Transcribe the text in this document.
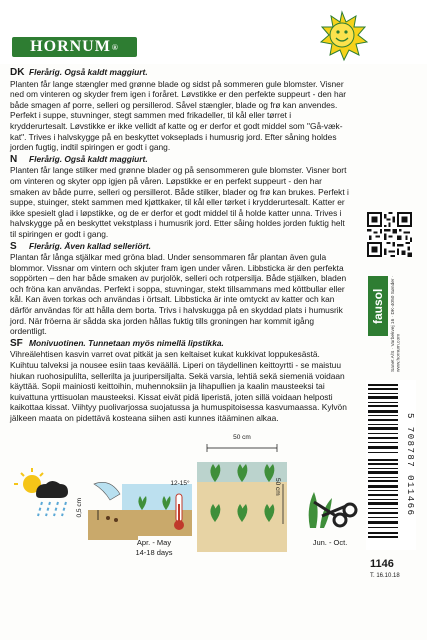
HORNUM ®

DK Flerårig. Også kaldt maggiurt.

Planten får lange stængler med grønne blade og sidst på sommeren gule blomster. Visner ned om vinteren og skyder frem igen i foråret. Løvstikke er den perfekte suppeurt - den har både smagen af porre, selleri og persillerod. Såvel stængler, blade og frø kan anvendes. Perfekt i suppe, stuvninger, stegt sammen med frikadeller, til kål eller tørret i krydderurtesalt. Løvstikke er ikke vellidt af katte og er derfor et godt middel som "Gå-væk-kat". Trives i halvskygge på en beskyttet vokseplads i humusrig jord. Efter såning holdes jorden fugtig, indtil spiringen er godt i gang.

N Flerårig. Også kaldt maggiurt.

Planten får lange stilker med grønne blader og på sensommeren gule blomster. Visner bort om vinteren og skyter opp igjen på våren. Løpstikke er en perfekt suppeurt - den har smaken av både purre, selleri og persillerot. Både stilker, blader og frø kan brukes. Perfekt i suppe, stuinger, stekt sammen med kjøttkaker, til kål eller tørket i krydderurtesalt. Katter er ikke spesielt glad i løpstikke, og de er derfor et godt middel til å holde katter unna. Trives i halvskygge på en beskyttet vekstplass i humusrik jord. Etter såing holdes jorden fuktig helt til spiringen er godt i gang.

S Flerårig. Även kallad selleriört.

Plantan får långa stjälkar med gröna blad. Under sensommaren får plantan även gula blommor. Vissnar om vintern och skjuter fram igen under våren. Libbsticka är den perfekta soppörten – den har både smaken av purjolök, selleri och rotpersilja. Både stjälken, bladen och fröna kan användas. Perfekt i soppa, stuvningar, stekt tillsammans med köttbullar eller kål. Kan även torkas och användas i örtsalt. Libbsticka är inte omtyckt av katter och kan därför användas för att hålla dem borta. Trivs i halvskugga på en skyddad plats i humusrik jord. När fröerna är sådda ska jorden hållas fuktig tills groningen har kommit igång ordentligt.

SF Monivuotinen. Tunnetaan myös nimellä lipstikka.

Vihreälehtisen kasvin varret ovat pitkät ja sen keltaiset kukat kukkivat loppukesästä. Kuihtuu talveksi ja nousee esiin taas keväällä. Liperi on täydellinen keittoyrtti - se maistuu hiukan ruohosipulilta, sellerilta ja juuripersiljalta. Sekä varsia, lehtiä sekä siemeniä voidaan käyttää. Sopii mainiosti keittoihin, muhennoksiin ja lihapullien ja kaalin mausteeksi tai kuivattuna yrttisuolan mausteeksi. Kissat eivät pidä liperistä, joten sillä voidaan helposti kaikottaa kissat. Viihtyy puolivarjossa suojatussa ja humuspitoisessa kasvumaassa. Kylvön jälkeen maata on pidettävä kosteana siihen asti kunnes itääminen alkaa.

fausol	Sanet A/S · Varbekvej 16 · DK-4050 Sønder · www.hornum.com
5 708787 011466
1146
T. 16.10.18
0,5 cm
Apr. - May
14-18 days
12-15°
50 cm
50 cm
Jun. - Oct.
